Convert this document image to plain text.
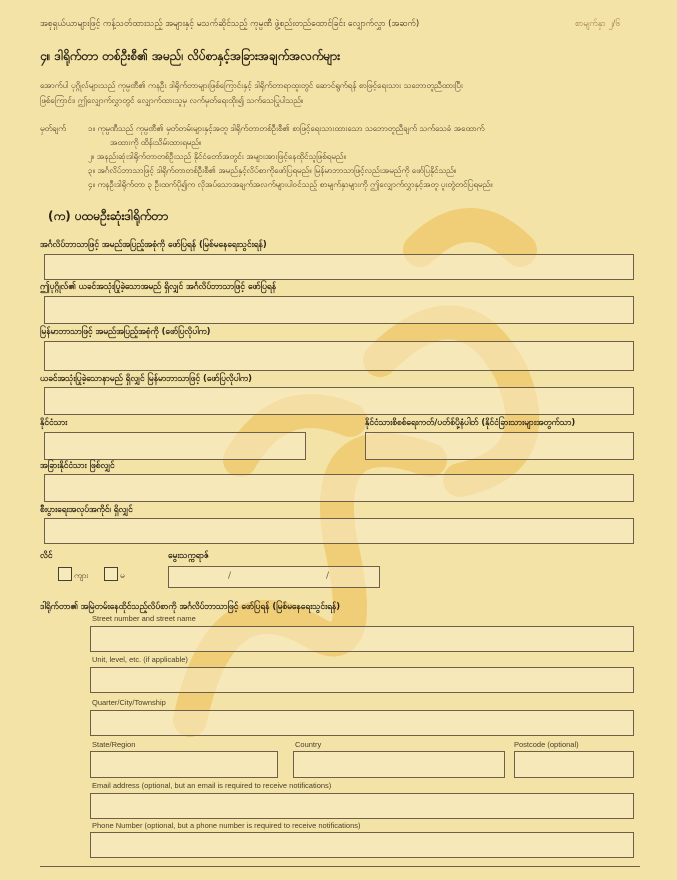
အစုရှယ်ယာများဖြင့် ကန့်သတ်ထားသည့် အများနှင့် မသက်ဆိုင်သည့် ကုမ္ပဏီ ဖွဲ့စည်းတည်ထောင်ခြင်း လျှောက်လွှာ (အဆက်)	စာမျက်နှာ ၂/၆
၄။ ဒါရိုက်တာ တစ်ဦးစီ၏ အမည်၊ လိပ်စာနှင့်အခြားအချက်အလက်များ
အောက်ပါ ပုဂ္ဂိုလ်များသည် ကုမ္ပဏီ၏ ကနဦး ဒါရိုက်တာများဖြစ်ကြောင်းနှင့် ဒါရိုက်တာရာထူးတွင် ဆောင်ရွက်ရန် စာဖြင့်ရေးသား သဘောတူညီထားပြီး
ဖြစ်ကြောင်း၊ ဤလျှောက်လွှာတွင် လျှောက်ထားသူမှ လက်မှတ်ရေးထိုး၍ သက်သေပြုပါသည်။
မှတ်ချက်	၁။ ကုမ္ပဏီသည် ကုမ္ပဏီ၏ မှတ်တမ်းများနှင့်အတူ ဒါရိုက်တာတစ်ဦးစီ၏ စာဖြင့်ရေးသားထားသော သဘောတူညီချက် သက်သေခံ အထောက်
အထားကို ထိန်းသိမ်းထားရမည်။
၂။ အနည်းဆုံးဒါရိုက်တာတစ်ဦးသည် နိုင်ငံတော်အတွင်း အများအားဖြင့်နေထိုင်သူဖြစ်ရမည်။
၃။ အင်္ဂလိပ်ဘာသာဖြင့် ဒါရိုက်တာတစ်ဦးစီ၏ အမည်နှင့်လိပ်စာကိုဖော်ပြရမည်။ မြန်မာဘာသာဖြင့်လည်းအမည်ကို ဖော်ပြနိုင်သည်။
၄။ ကနဦးဒါရိုက်တာ ၃ ဦးထက်ပို၍က လိုအပ်သောအချက်အလက်များပါဝင်သည့် စာမျက်နှာများကို ဤလျှောက်လွှာနှင့်အတူ ပူးတွဲတင်ပြရမည်။
(က) ပထမဦးဆုံးဒါရိုက်တာ
အင်္ဂလိပ်ဘာသာဖြင့် အမည်အပြည့်အစုံကို ဖော်ပြရန် (မြစ်မနေရေးသွင်းရန်)
ဤပုဂ္ဂိုလ်၏ ယခင်အသုံးပြုခဲ့သောအမည် ရှိလျှင် အင်္ဂလိပ်ဘာသာဖြင့် ဖော်ပြရန်
မြန်မာဘာသာဖြင့် အမည်အပြည့်အစုံကို (ဖော်ပြလိုပါက)
ယခင်အသုံးပြုခဲ့သောနာမည် ရှိလျှင် မြန်မာဘာသာဖြင့် (ဖော်ပြလိုပါက)
နိုင်ငံသား	နိုင်ငံသားစိစစ်ရေးကတ်/ပတ်စ်ပို့နံပါတ် (နိုင်ငံခြားသားများအတွက်သာ)
အခြားနိုင်ငံသား ဖြစ်လျှင်
စီးပွားရေးအလုပ်အကိုင်၊ ရှိလျှင်
လိင်
ကျား	မ
မွေးသက္ကရာဇ်
/	/
ဒါရိုက်တာ၏ အမြဲတမ်းနေထိုင်သည့်လိပ်စာကို အင်္ဂလိပ်ဘာသာဖြင့် ဖော်ပြရန် (မြစ်မနေရေးသွင်းရန်)
Street number and street name
Unit, level, etc. (if applicable)
Quarter/City/Township
State/Region	Country	Postcode (optional)
Email address (optional, but an email is required to receive notifications)
Phone Number (optional, but a phone number is required to receive notifications)
